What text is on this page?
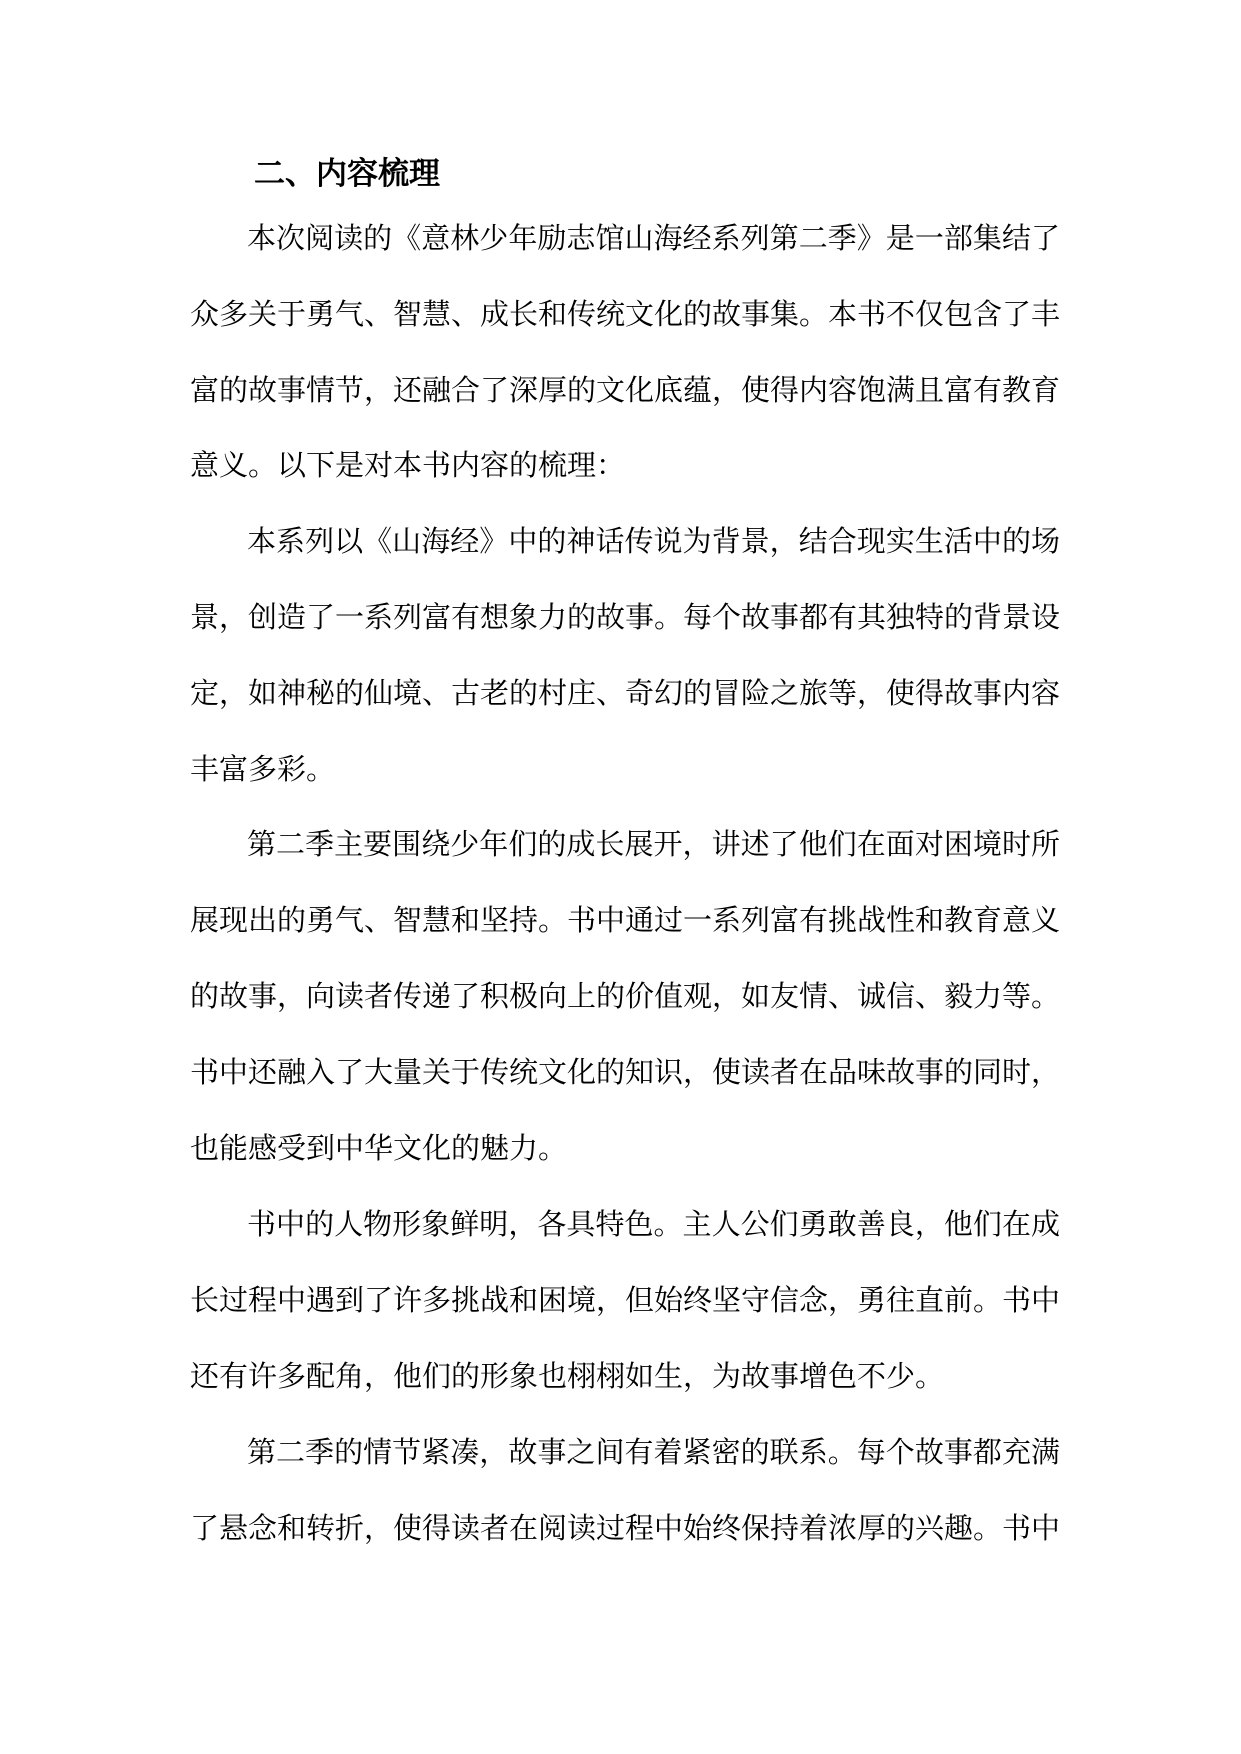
二、内容梳理
本次阅读的《意林少年励志馆山海经系列第二季》是一部集结了
众多关于勇气、智慧、成长和传统文化的故事集。本书不仅包含了丰
富的故事情节，还融合了深厚的文化底蕴，使得内容饱满且富有教育
意义。以下是对本书内容的梳理：
本系列以《山海经》中的神话传说为背景，结合现实生活中的场
景，创造了一系列富有想象力的故事。每个故事都有其独特的背景设
定，如神秘的仙境、古老的村庄、奇幻的冒险之旅等，使得故事内容
丰富多彩。
第二季主要围绕少年们的成长展开，讲述了他们在面对困境时所
展现出的勇气、智慧和坚持。书中通过一系列富有挑战性和教育意义
的故事，向读者传递了积极向上的价值观，如友情、诚信、毅力等。
书中还融入了大量关于传统文化的知识，使读者在品味故事的同时，
也能感受到中华文化的魅力。
书中的人物形象鲜明，各具特色。主人公们勇敢善良，他们在成
长过程中遇到了许多挑战和困境，但始终坚守信念，勇往直前。书中
还有许多配角，他们的形象也栩栩如生，为故事增色不少。
第二季的情节紧凑，故事之间有着紧密的联系。每个故事都充满
了悬念和转折，使得读者在阅读过程中始终保持着浓厚的兴趣。书中
